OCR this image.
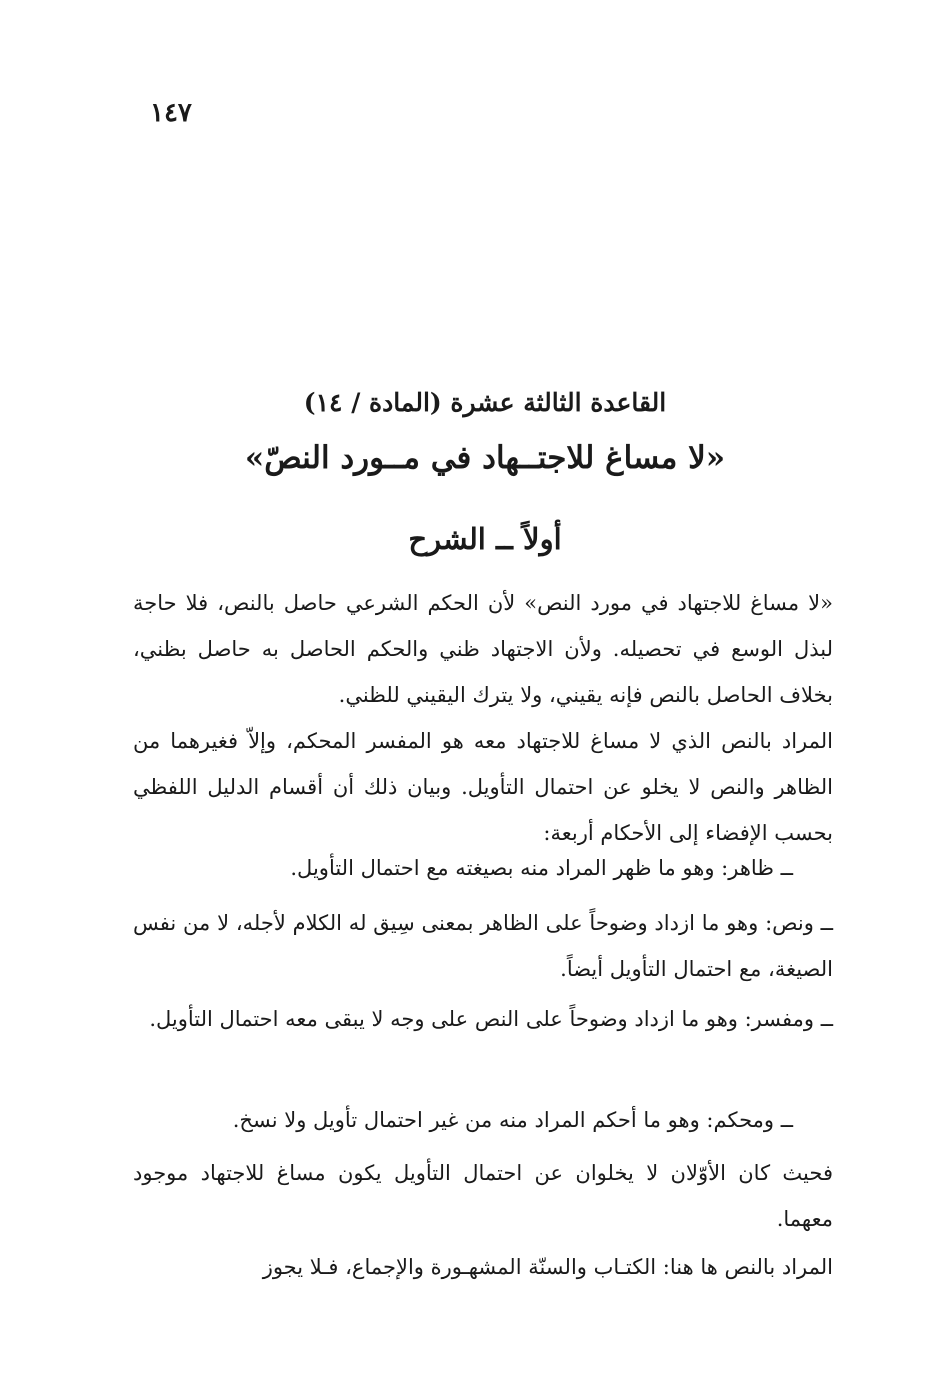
١٤٧
القاعدة الثالثة عشرة (المادة / ١٤)
«لا مساغ للاجتــهاد في مــورد النصّ»
أولاً ــ الشرح

«لا مساغ للاجتهاد في مورد النص» لأن الحكم الشرعي حاصل بالنص، فلا حاجة لبذل الوسع في تحصيله. ولأن الاجتهاد ظني والحكم الحاصل به حاصل بظني، بخلاف الحاصل بالنص فإنه يقيني، ولا يترك اليقيني للظني.

المراد بالنص الذي لا مساغ للاجتهاد معه هو المفسر المحكم، وإلاّ فغيرهما من الظاهر والنص لا يخلو عن احتمال التأويل. وبيان ذلك أن أقسام الدليل اللفظي بحسب الإفضاء إلى الأحكام أربعة:

ــ ظاهر: وهو ما ظهر المراد منه بصيغته مع احتمال التأويل.

ــ ونص: وهو ما ازداد وضوحاً على الظاهر بمعنى سِيق له الكلام لأجله، لا من نفس الصيغة، مع احتمال التأويل أيضاً.

ــ ومفسر: وهو ما ازداد وضوحاً على النص على وجه لا يبقى معه احتمال التأويل.

ــ ومحكم: وهو ما أحكم المراد منه من غير احتمال تأويل ولا نسخ.

فحيث كان الأوّلان لا يخلوان عن احتمال التأويل يكون مساغ للاجتهاد موجود معهما.

المراد بالنص ها هنا: الكتـاب والسنّة المشهـورة والإجماع، فـلا يجوز
